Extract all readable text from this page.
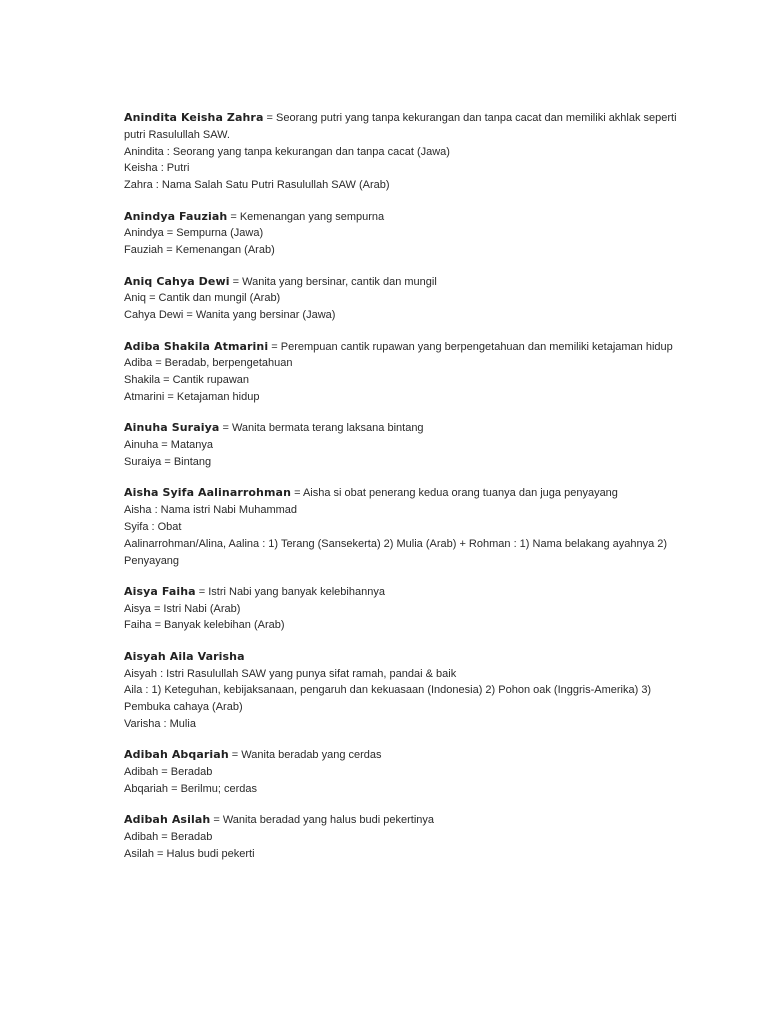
Anindita Keisha Zahra = Seorang putri yang tanpa kekurangan dan tanpa cacat dan memiliki akhlak seperti putri Rasulullah SAW.

Anindita : Seorang yang tanpa kekurangan dan tanpa cacat (Jawa)

Keisha : Putri

Zahra : Nama Salah Satu Putri Rasulullah SAW (Arab)

Anindya Fauziah = Kemenangan yang sempurna

Anindya = Sempurna (Jawa)

Fauziah = Kemenangan (Arab)

Aniq Cahya Dewi = Wanita yang bersinar, cantik dan mungil

Aniq = Cantik dan mungil (Arab)

Cahya Dewi = Wanita yang bersinar (Jawa)

Adiba Shakila Atmarini = Perempuan cantik rupawan yang berpengetahuan dan memiliki ketajaman hidup

Adiba = Beradab, berpengetahuan

Shakila = Cantik rupawan

Atmarini = Ketajaman hidup

Ainuha Suraiya = Wanita bermata terang laksana bintang

Ainuha = Matanya

Suraiya = Bintang

Aisha Syifa Aalinarrohman = Aisha si obat penerang kedua orang tuanya dan juga penyayang

Aisha : Nama istri Nabi Muhammad

Syifa : Obat

Aalinarrohman/Alina, Aalina : 1) Terang (Sansekerta) 2) Mulia (Arab) + Rohman : 1) Nama belakang ayahnya 2) Penyayang

Aisya Faiha = Istri Nabi yang banyak kelebihannya

Aisya = Istri Nabi (Arab)

Faiha = Banyak kelebihan (Arab)

Aisyah Aila Varisha

Aisyah : Istri Rasulullah SAW yang punya sifat ramah, pandai & baik

Aila : 1) Keteguhan, kebijaksanaan, pengaruh dan kekuasaan (Indonesia) 2) Pohon oak (Inggris-Amerika) 3) Pembuka cahaya (Arab)

Varisha : Mulia

Adibah Abqariah = Wanita beradab yang cerdas

Adibah = Beradab

Abqariah = Berilmu; cerdas

Adibah Asilah = Wanita beradad yang halus budi pekertinya

Adibah = Beradab

Asilah = Halus budi pekerti
